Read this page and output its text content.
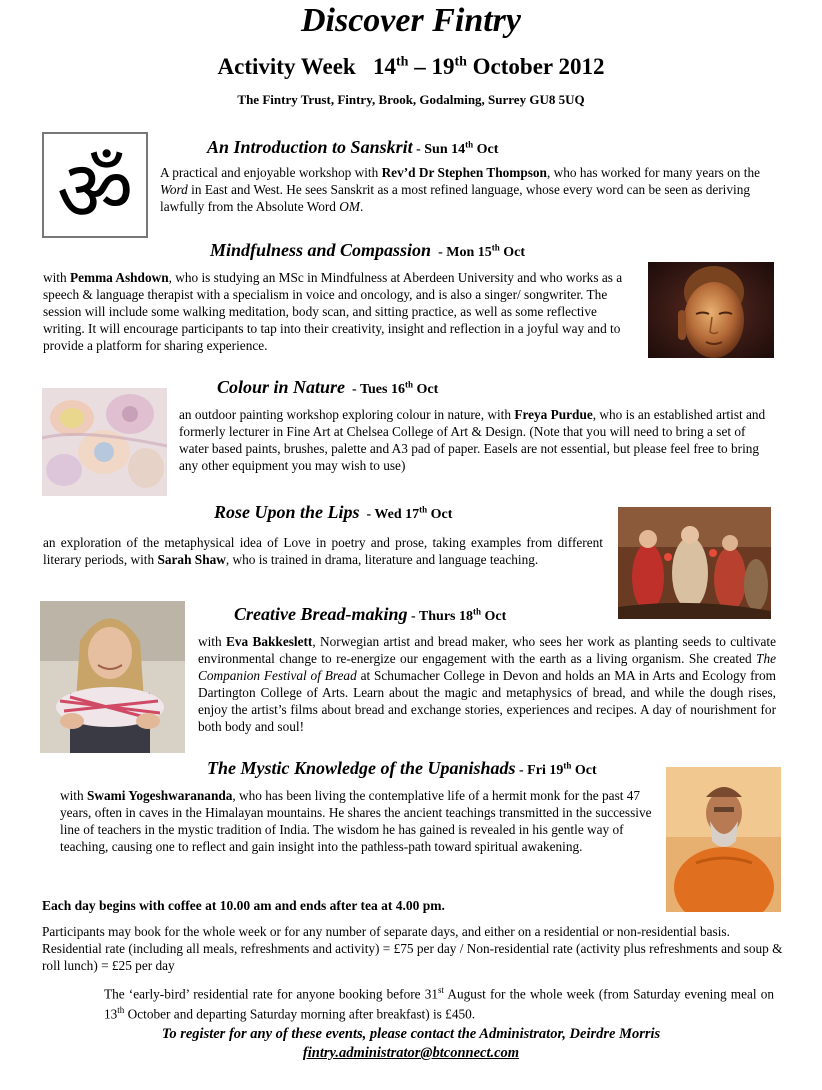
Discover Fintry
Activity Week   14th – 19th October 2012
The Fintry Trust, Fintry, Brook, Godalming, Surrey GU8 5UQ
ॐ	An Introduction to Sanskrit - Sun 14th Oct
A practical and enjoyable workshop with Rev’d Dr Stephen Thompson, who has worked for many years on the Word in East and West. He sees Sanskrit as a most refined language, whose every word can be seen as deriving lawfully from the Absolute Word OM.
Mindfulness and Compassion  - Mon 15th Oct
with Pemma Ashdown, who is studying an MSc in Mindfulness at Aberdeen University and who works as a speech & language therapist with a specialism in voice and oncology, and is also a singer/ songwriter. The session will include some walking meditation, body scan, and sitting practice, as well as some reflective writing. It will encourage participants to tap into their creativity, insight and reflection in a joyful way and to provide a platform for sharing experience.
Colour in Nature  - Tues 16th Oct
an outdoor painting workshop exploring colour in nature, with Freya Purdue, who is an established artist and formerly lecturer in Fine Art at Chelsea College of Art & Design. (Note that you will need to bring a set of water based paints, brushes, palette and A3 pad of paper. Easels are not essential, but please feel free to bring any other equipment you may wish to use)
Rose Upon the Lips  - Wed 17th Oct
an exploration of the metaphysical idea of Love in poetry and prose, taking examples from different literary periods, with Sarah Shaw, who is trained in drama, literature and language teaching.
Creative Bread-making - Thurs 18th Oct
with Eva Bakkeslett, Norwegian artist and bread maker, who sees her work as planting seeds to cultivate environmental change to re-energize our engagement with the earth as a living organism. She created The Companion Festival of Bread at Schumacher College in Devon and holds an MA in Arts and Ecology from Dartington College of Arts. Learn about the magic and metaphysics of bread, and while the dough rises, enjoy the artist’s films about bread and exchange stories, experiences and recipes. A day of nourishment for both body and soul!
The Mystic Knowledge of the Upanishads - Fri 19th Oct
with Swami Yogeshwarananda, who has been living the contemplative life of a hermit monk for the past 47 years, often in caves in the Himalayan mountains. He shares the ancient teachings transmitted in the successive line of teachers in the mystic tradition of India. The wisdom he has gained is revealed in his gentle way of teaching, causing one to reflect and gain insight into the pathless-path toward spiritual awakening.
Each day begins with coffee at 10.00 am and ends after tea at 4.00 pm.
Participants may book for the whole week or for any number of separate days, and either on a residential or non-residential basis. Residential rate (including all meals, refreshments and activity) = £75 per day / Non-residential rate (activity plus refreshments and soup & roll lunch) = £25 per day
The ‘early-bird’ residential rate for anyone booking before 31st August for the whole week (from Saturday evening meal on 13th October and departing Saturday morning after breakfast) is £450.
To register for any of these events, please contact the Administrator, Deirdre Morris
fintry.administrator@btconnect.com
